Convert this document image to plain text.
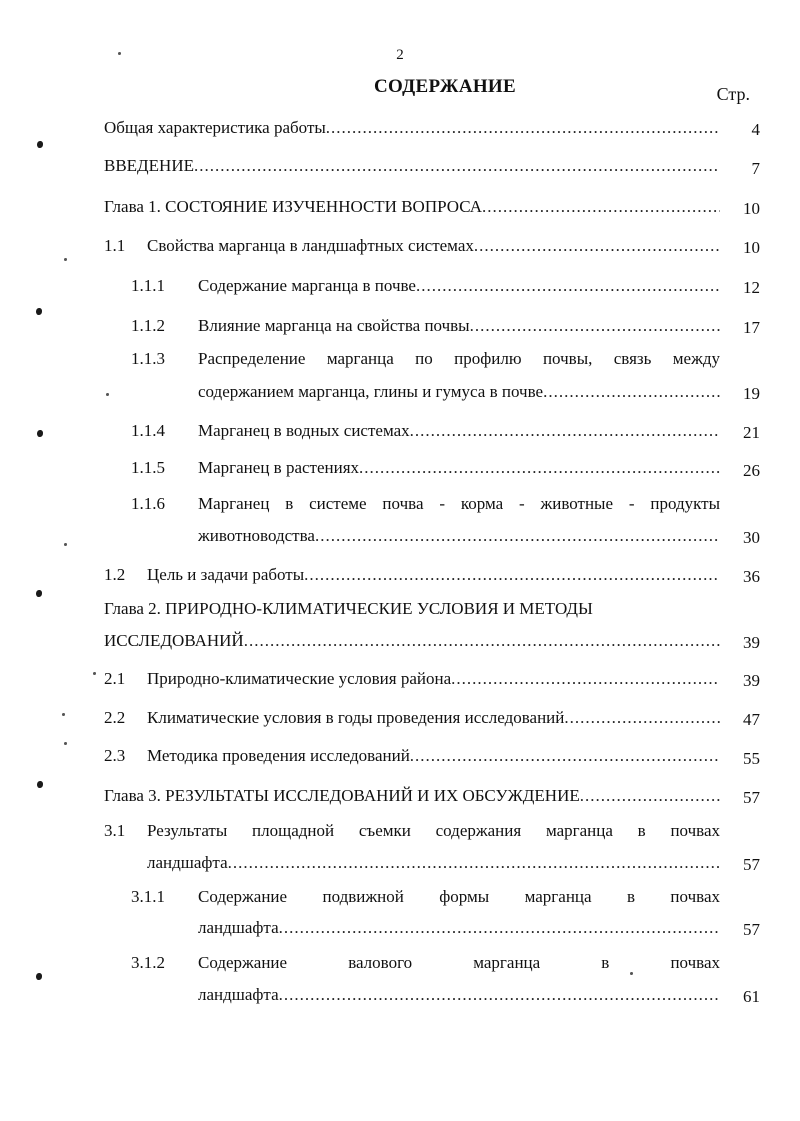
2
СОДЕРЖАНИЕ	Стр.
Общая характеристика работы .....	4
ВВЕДЕНИЕ .....	7
Глава 1. СОСТОЯНИЕ ИЗУЧЕННОСТИ ВОПРОСА .....	10
1.1 Свойства марганца в ландшафтных системах .....	10
1.1.1 Содержание марганца в почве .....	12
1.1.2 Влияние марганца на свойства почвы .....	17
1.1.3 Распределение марганца по профилю почвы, связь между
содержанием марганца, глины и гумуса в почве .....	19
1.1.4 Марганец в водных системах .....	21
1.1.5 Марганец в растениях .....	26
1.1.6 Марганец в системе почва - корма - животные - продукты
животноводства .....	30
1.2 Цель и задачи работы .....	36
Глава 2. ПРИРОДНО-КЛИМАТИЧЕСКИЕ УСЛОВИЯ И МЕТОДЫ
ИССЛЕДОВАНИЙ .....	39
2.1 Природно-климатические условия района .....	39
2.2 Климатические условия в годы проведения исследований .....	47
2.3 Методика проведения исследований .....	55
Глава 3. РЕЗУЛЬТАТЫ ИССЛЕДОВАНИЙ И ИХ ОБСУЖДЕНИЕ .....	57
3.1 Результаты площадной съемки содержания марганца в почвах
ландшафта .....	57
3.1.1 Содержание подвижной формы марганца в почвах
ландшафта .....	57
3.1.2 Содержание валового марганца в почвах
ландшафта .....	61
